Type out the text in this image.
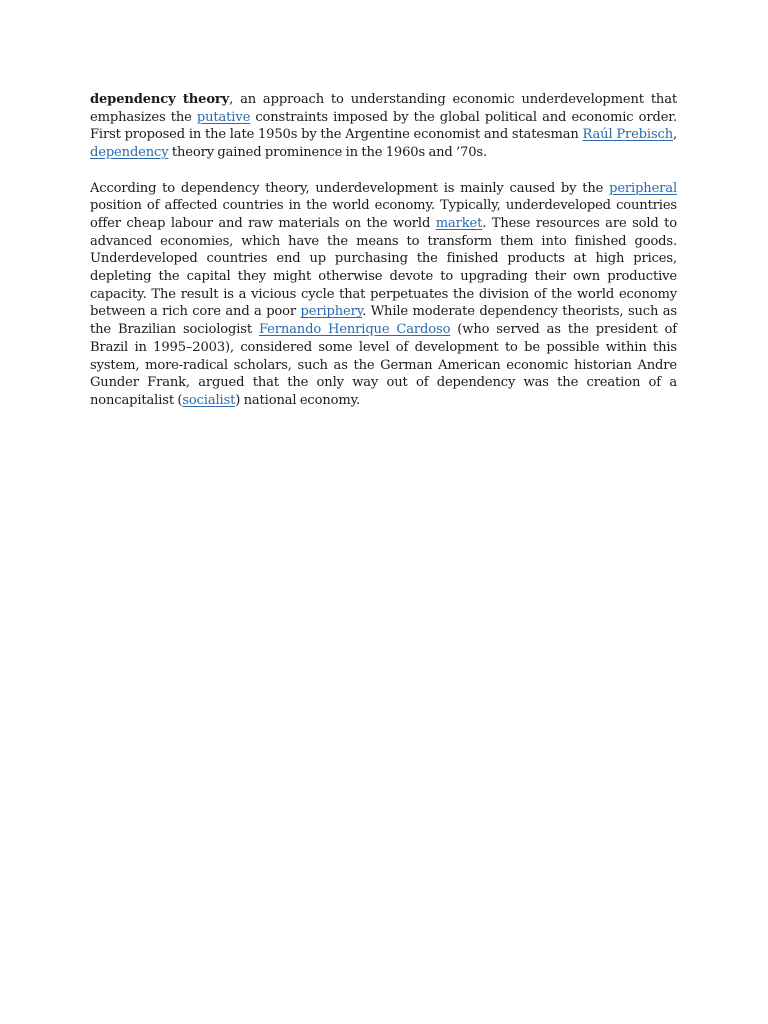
dependency theory, an approach to understanding economic underdevelopment that emphasizes the putative constraints imposed by the global political and economic order. First proposed in the late 1950s by the Argentine economist and statesman Raúl Prebisch, dependency theory gained prominence in the 1960s and ’70s.

According to dependency theory, underdevelopment is mainly caused by the peripheral position of affected countries in the world economy. Typically, underdeveloped countries offer cheap labour and raw materials on the world market. These resources are sold to advanced economies, which have the means to transform them into finished goods. Underdeveloped countries end up purchasing the finished products at high prices, depleting the capital they might otherwise devote to upgrading their own productive capacity. The result is a vicious cycle that perpetuates the division of the world economy between a rich core and a poor periphery. While moderate dependency theorists, such as the Brazilian sociologist Fernando Henrique Cardoso (who served as the president of Brazil in 1995–2003), considered some level of development to be possible within this system, more-radical scholars, such as the German American economic historian Andre Gunder Frank, argued that the only way out of dependency was the creation of a noncapitalist (socialist) national economy.
